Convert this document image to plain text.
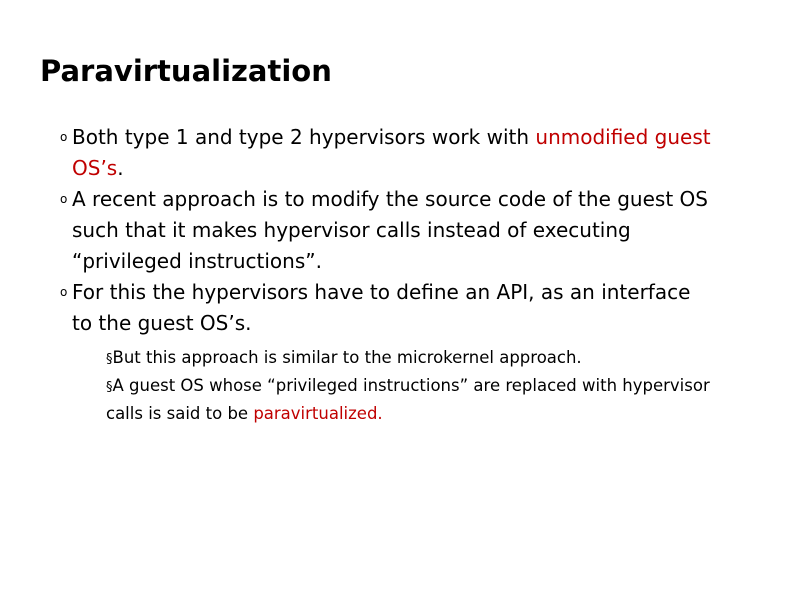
Paravirtualization
o Both type 1 and type 2 hypervisors work with unmodified guest OS’s.
o A recent approach is to modify the source code of the guest OS such that it makes hypervisor calls instead of executing “privileged instructions”.
o For this the hypervisors have to define an API, as an interface to the guest OS’s.
§But this approach is similar to the microkernel approach.
§A guest OS whose “privileged instructions” are replaced with hypervisor calls is said to be paravirtualized.
